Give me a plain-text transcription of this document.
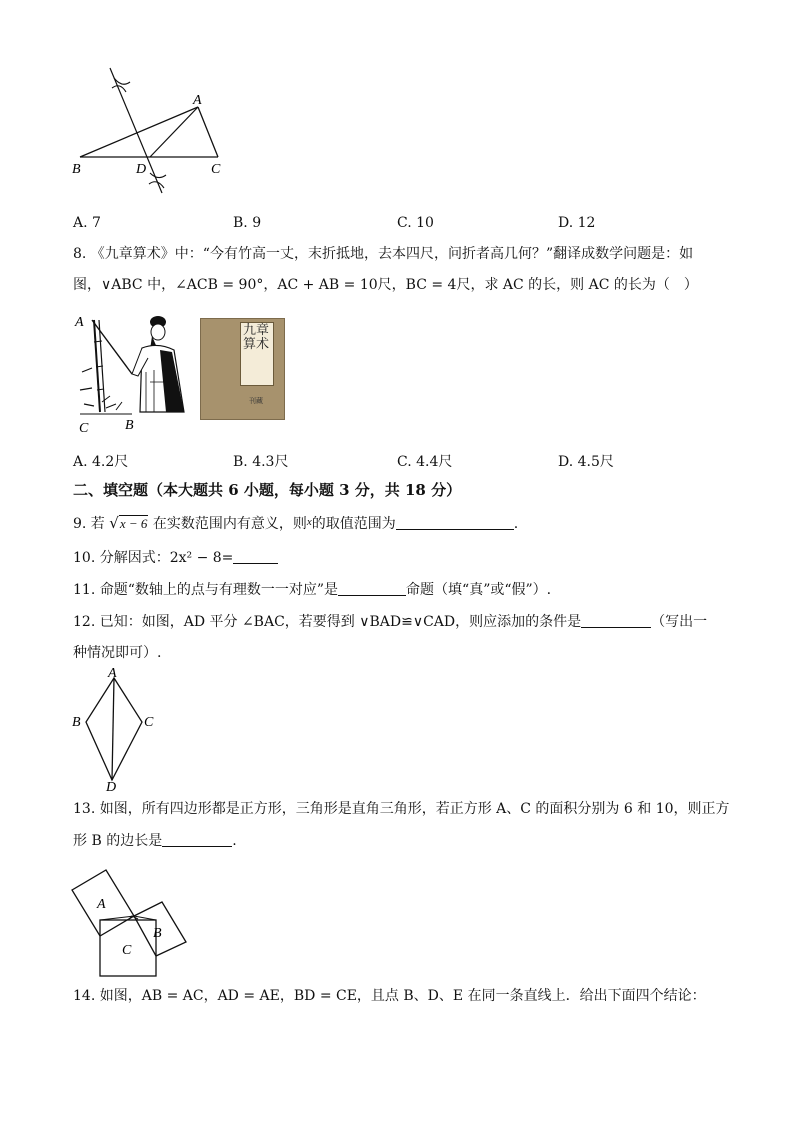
A
B	D	C
A. 7	B. 9	C. 10	D. 12
8. 《九章算术》中：“今有竹高一丈，末折抵地，去本四尺，问折者高几何？”翻译成数学问题是：如
图，∨ABC 中，∠ACB = 90°，AC + AB = 10尺，BC = 4尺，求 AC 的长，则 AC 的长为（　）
A
C	B
九章算术
刊藏
A. 4.2尺	B. 4.3尺	C. 4.4尺	D. 4.5尺
二、填空题（本大题共 6 小题，每小题 3 分，共 18 分）
9. 若 √x − 6 在实数范围内有意义，则$^x$的取值范围为	.
10. 分解因式：2x² − 8=
11. 命题“数轴上的点与有理数一一对应”是	命题（填“真”或“假”）.
12. 已知：如图，AD 平分 ∠BAC，若要得到 ∨BAD≌∨CAD，则应添加的条件是	（写出一
种情况即可）.
A
B	C
D
13. 如图，所有四边形都是正方形，三角形是直角三角形，若正方形 A、C 的面积分别为 6 和 10，则正方
形 B 的边长是	.
A
B
C
14. 如图，AB = AC，AD = AE，BD = CE，且点 B、D、E 在同一条直线上．给出下面四个结论：
